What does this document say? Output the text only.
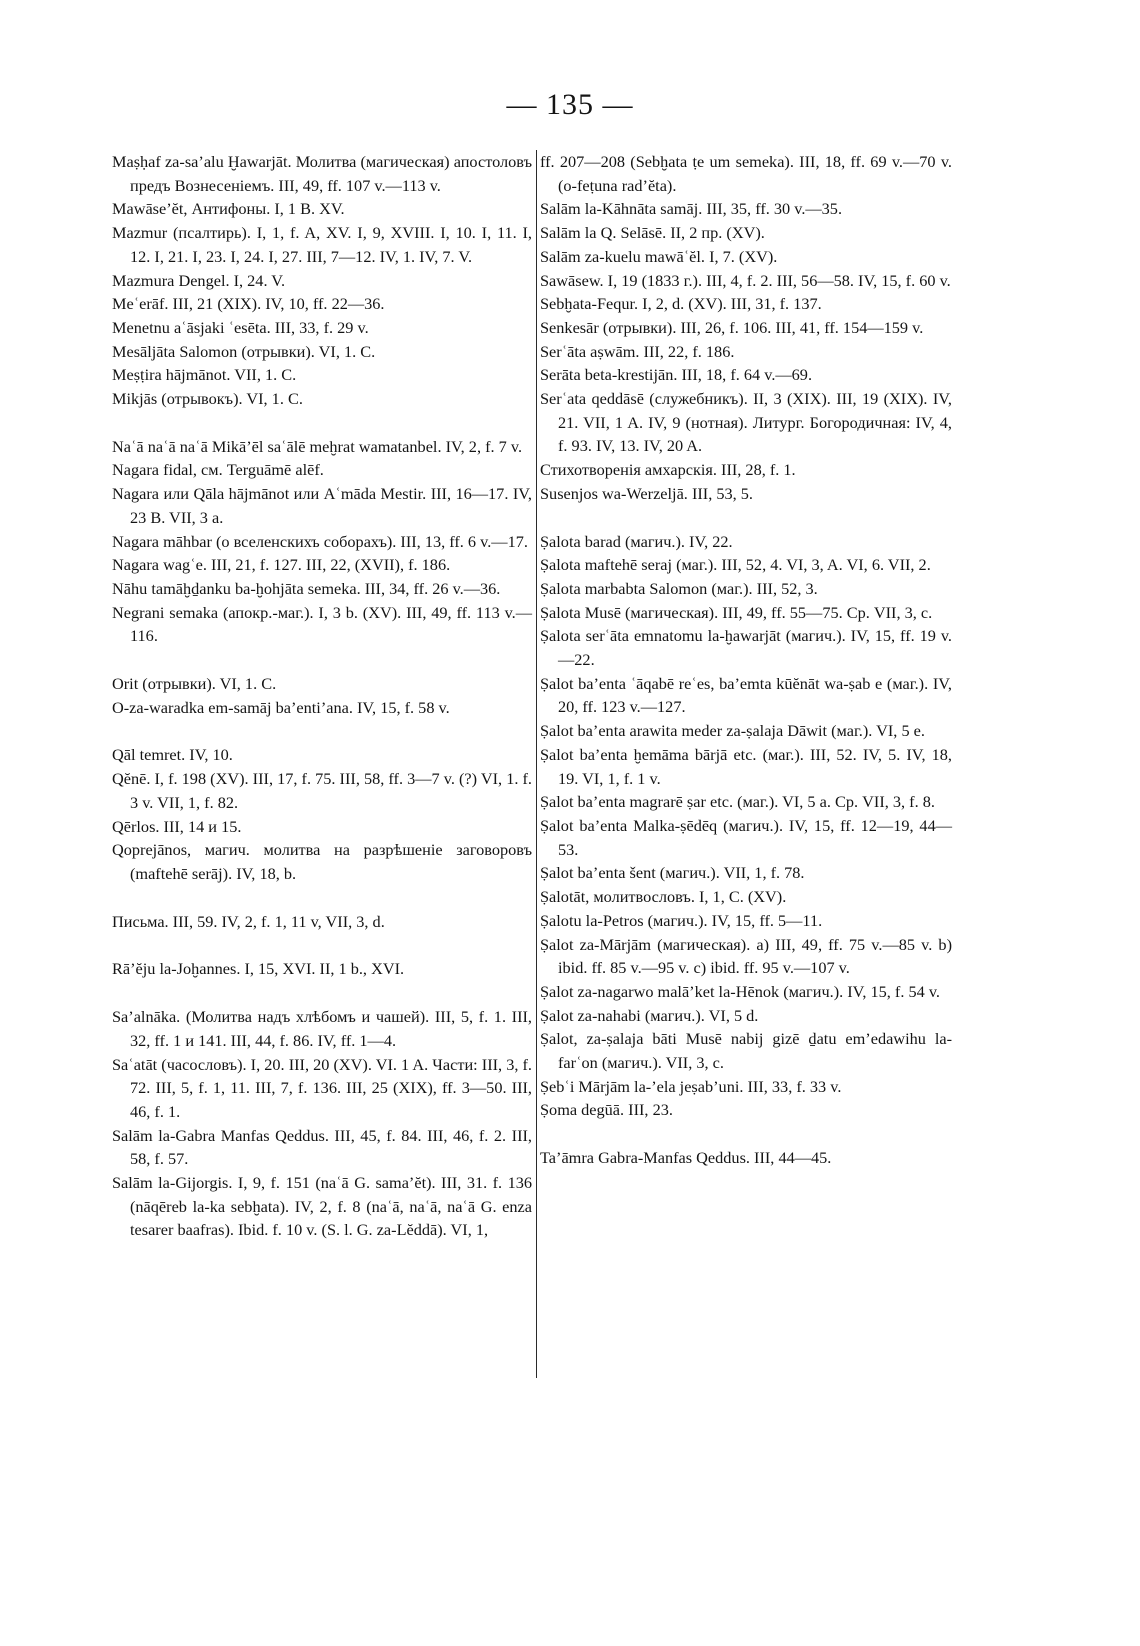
— 135 —
Maṣḥaf za-sa’alu Ḫawarjāt. Молитва (магическая) апостоловъ предъ Вознесеніемъ. III, 49, ff. 107 v.—113 v.
Mawāse’ĕt, Антифоны. I, 1 B. XV.
Mazmur (псалтирь). I, 1, f. A, XV. I, 9, XVIII. I, 10. I, 11. I, 12. I, 21. I, 23. I, 24. I, 27. III, 7—12. IV, 1. IV, 7. V.
Mazmura Dengel. I, 24. V.
Meʿerāf. III, 21 (XIX). IV, 10, ff. 22—36.
Menetnu aʿāsjaki ʿesēta. III, 33, f. 29 v.
Mesāljāta Salomon (отрывки). VI, 1. C.
Meṣṭira hājmānot. VII, 1. C.
Mikjās (отрывокъ). VI, 1. C.
Naʿā naʿā naʿā Mikā’ēl saʿālē meḫrat wamatanbel. IV, 2, f. 7 v.
Nagara fidal, см. Terguāmē alēf.
Nagara или Qāla hājmānot или Aʿmāda Mestir. III, 16—17. IV, 23 B. VII, 3 a.
Nagara māhbar (о вселенскихъ соборахъ). III, 13, ff. 6 v.—17.
Nagara wagʿe. III, 21, f. 127. III, 22, (XVII), f. 186.
Nāhu tamāḫḏanku ba-ḫohjāta semeka. III, 34, ff. 26 v.—36.
Negrani semaka (апокр.-маг.). I, 3 b. (XV). III, 49, ff. 113 v.—116.
Orit (отрывки). VI, 1. C.
O-za-waradka em-samāj ba’enti’ana. IV, 15, f. 58 v.
Qāl temret. IV, 10.
Qĕnē. I, f. 198 (XV). III, 17, f. 75. III, 58, ff. 3—7 v. (?) VI, 1. f. 3 v. VII, 1, f. 82.
Qērlos. III, 14 и 15.
Qoprejānos, магич. молитва на разрѣшеніе заговоровъ (maftehē serāj). IV, 18, b.
Письма. III, 59. IV, 2, f. 1, 11 v, VII, 3, d.
Rā’ĕju la-Joḫannes. I, 15, XVI. II, 1 b., XVI.
Sa’alnāka. (Молитва надъ хлѣбомъ и чашей). III, 5, f. 1. III, 32, ff. 1 и 141. III, 44, f. 86. IV, ff. 1—4.
Saʿatāt (часословъ). I, 20. III, 20 (XV). VI. 1 A. Части: III, 3, f. 72. III, 5, f. 1, 11. III, 7, f. 136. III, 25 (XIX), ff. 3—50. III, 46, f. 1.
Salām la-Gabra Manfas Qeddus. III, 45, f. 84. III, 46, f. 2. III, 58, f. 57.
Salām la-Gijorgis. I, 9, f. 151 (naʿā G. sama’ĕt). III, 31. f. 136 (nāqēreb la-ka sebḫata). IV, 2, f. 8 (naʿā, naʿā, naʿā G. enza tesarer baafras). Ibid. f. 10 v. (S. l. G. za-Lĕddā). VI, 1,
ff. 207—208 (Sebḫata ṭe um semeka). III, 18, ff. 69 v.—70 v. (o-feṭuna rad’ĕta).
Salām la-Kāhnāta samāj. III, 35, ff. 30 v.—35.
Salām la Q. Selāsē. II, 2 пр. (XV).
Salām za-kuelu mawāʿĕl. I, 7. (XV).
Sawāsew. I, 19 (1833 г.). III, 4, f. 2. III, 56—58. IV, 15, f. 60 v.
Sebḫata-Fequr. I, 2, d. (XV). III, 31, f. 137.
Senkesār (отрывки). III, 26, f. 106. III, 41, ff. 154—159 v.
Serʿāta aṣwām. III, 22, f. 186.
Serāta beta-krestijān. III, 18, f. 64 v.—69.
Serʿata qeddāsē (служебникъ). II, 3 (XIX). III, 19 (XIX). IV, 21. VII, 1 A. IV, 9 (нотная). Литург. Богородичная: IV, 4, f. 93. IV, 13. IV, 20 A.
Стихотворенія амхарскія. III, 28, f. 1.
Susenjos wa-Werzeljā. III, 53, 5.
Ṣalota barad (магич.). IV, 22.
Ṣalota maftehē seraj (маг.). III, 52, 4. VI, 3, A. VI, 6. VII, 2.
Ṣalota marbabta Salomon (маг.). III, 52, 3.
Ṣalota Musē (магическая). III, 49, ff. 55—75. Ср. VII, 3, c.
Ṣalota serʿāta emnatomu la-ḫawarjāt (магич.). IV, 15, ff. 19 v.—22.
Ṣalot ba’enta ʿāqabē reʿes, ba’emta kūĕnāt wa-ṣab e (маг.). IV, 20, ff. 123 v.—127.
Ṣalot ba’enta arawita meder za-ṣalaja Dāwit (маг.). VI, 5 e.
Ṣalot ba’enta ḫemāma bārjā etc. (маг.). III, 52. IV, 5. IV, 18, 19. VI, 1, f. 1 v.
Ṣalot ba’enta magrarē ṣar etc. (маг.). VI, 5 a. Ср. VII, 3, f. 8.
Ṣalot ba’enta Malka-ṣēdēq (магич.). IV, 15, ff. 12—19, 44—53.
Ṣalot ba’enta šent (магич.). VII, 1, f. 78.
Ṣalotāt, молитвословъ. I, 1, C. (XV).
Ṣalotu la-Petros (магич.). IV, 15, ff. 5—11.
Ṣalot za-Mārjām (магическая). a) III, 49, ff. 75 v.—85 v. b) ibid. ff. 85 v.—95 v. c) ibid. ff. 95 v.—107 v.
Ṣalot za-nagarwo malā’ket la-Hēnok (магич.). IV, 15, f. 54 v.
Ṣalot za-nahabi (магич.). VI, 5 d.
Ṣalot, za-ṣalaja bāti Musē nabij gizē ḏatu em’edawihu la-farʿon (магич.). VII, 3, c.
Ṣebʿi Mārjām la-’ela jeṣab’uni. III, 33, f. 33 v.
Ṣoma degūā. III, 23.
Ta’āmra Gabra-Manfas Qeddus. III, 44—45.
